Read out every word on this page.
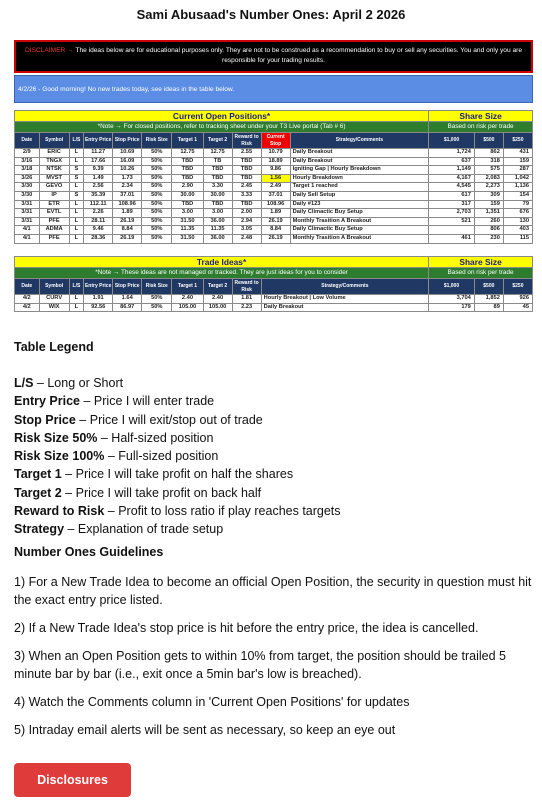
Sami Abusaad's Number Ones: April 2 2026
DISCLAIMER → The ideas below are for educational purposes only. They are not to be construed as a recommendation to buy or sell any securities. You and only you are responsible for your trading results.
4/2/26 - Good morning! No new trades today, see ideas in the table below.
Current Open Positions*											Share Size		
*Note → For closed positions, refer to tracking sheet under your T3 Live portal (Tab # 6)											Based on risk per trade		
Date	Symbol	L/S	Entry Price	Stop Price	Risk Size	Target 1	Target 2	Reward to Risk	Current Stop	Strategy/Comments	$1,000	$500	$250
2/9	ERIC	L	11.27	10.69	50%	12.75	12.75	2.55	10.79	Daily Breakout	1,724	862	431
3/16	TNGX	L	17.66	16.09	50%	TBD	TB	TBD	18.89	Daily Breakout	637	318	159
3/18	NTSK	S	9.39	10.26	50%	TBD	TBD	TBD	9.86	Igniting Gap | Hourly Breakdown	1,149	575	287
3/26	MVST	S	1.49	1.73	50%	TBD	TBD	TBD	1.56	Hourly Breakdown	4,167	2,083	1,042
3/30	GEVO	L	2.56	2.34	50%	2.90	3.30	2.45	2.49	Target 1 reached	4,545	2,273	1,136
3/30	IP	S	35.39	37.01	50%	30.00	30.00	3.33	37.01	Daily Sell Setup	617	309	154
3/31	ETR	L	112.11	108.96	50%	TBD	TBD	TBD	108.96	Daily #123	317	159	79
3/31	EVTL	L	2.26	1.89	50%	3.00	3.00	2.00	1.89	Daily Climactic Buy Setup	2,703	1,351	676
3/31	PFE	L	28.11	26.19	50%	31.50	36.00	2.94	26.19	Monthly Trasition A Breakout	521	260	130
4/1	ADMA	L	9.46	8.84	50%	11.35	11.35	3.05	8.84	Daily Climactic Buy Setup		806	403
4/1	PFE	L	28.36	26.19	50%	31.50	36.00	2.48	26.19	Monthly Trasition A Breakout	461	230	115
Trade Ideas*										Share Size		
*Note → These ideas are not managed or tracked. They are just ideas for you to consider										Based on risk per trade		
Date	Symbol	L/S	Entry Price	Stop Price	Risk Size	Target 1	Target 2	Reward to Risk	Strategy/Comments	$1,000	$500	$250
4/2	CURV	L	1.91	1.64	50%	2.40	2.40	1.81	Hourly Breakout | Low Volume	3,704	1,852	926
4/2	WIX	L	92.56	86.97	50%	105.00	105.00	2.23	Daily Breakout	179	89	45
Table Legend
L/S – Long or Short
Entry Price – Price I will enter trade
Stop Price – Price I will exit/stop out of trade
Risk Size 50% – Half-sized position
Risk Size 100% – Full-sized position
Target 1 – Price I will take profit on half the shares
Target 2 – Price I will take profit on back half
Reward to Risk – Profit to loss ratio if play reaches targets
Strategy – Explanation of trade setup
Number Ones Guidelines

1) For a New Trade Idea to become an official Open Position, the security in question must hit the exact entry price listed.

2) If a New Trade Idea's stop price is hit before the entry price, the idea is cancelled.

3) When an Open Position gets to within 10% from target, the position should be trailed 5 minute bar by bar (i.e., exit once a 5min bar's low is breached).

4) Watch the Comments column in 'Current Open Positions' for updates

5) Intraday email alerts will be sent as necessary, so keep an eye out

Disclosures
